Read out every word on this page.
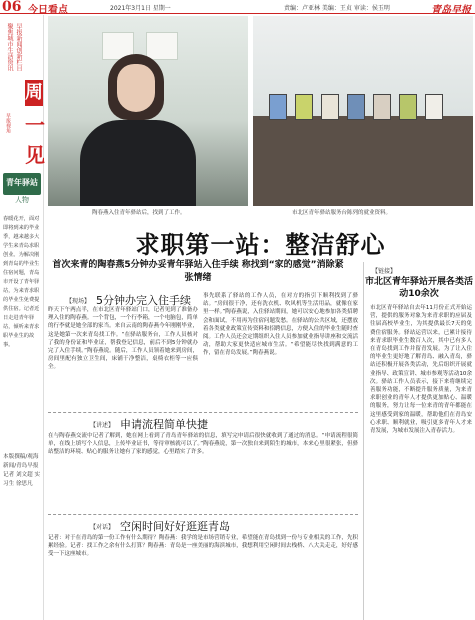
06 今日看点	2021年3月1日 星期一	责编：卢亚林 美编：王贞 审读：侯玉明	青岛早报
聚焦城市生活资讯 早报新闻创新栏目
周
一见
早报视角
青年驿站
人物
春暖花开，面对即将到来的毕业季，越来越多大学生来青岛求职创业。为解决刚到青岛的毕业生住宿问题，青岛市开设了青年驿站，为来青求职的毕业生免费提供住宿。记者近日走进青年驿站，倾听来青求职毕业生的故事。
本版撰稿/观海新闻/青岛早报记者 刘文超 实习生 徐思凡
陶春燕入住青年驿站后，找到了工作。	市北区青年驿站服务台陈列的就业资料。
求职第一站：整洁舒心
首次来青的陶春燕5分钟办妥青年驿站入住手续 称找到“家的感觉”消除紧张情绪
【现场】 5分钟办完入住手续
昨天下午两点半，在市北区青年驿站门口，记者见到了准备办理入住的陶春燕。一个背包，一个行李箱，一个电脑包，简单的行李就是她全部的家当。来自云南的陶春燕今年刚刚毕业，这是她第一次来青岛找工作。“在驿站服务台，工作人员核对了我的身份证和毕业证，帮我登记信息，前后不到5分钟就办完了入住手续。”陶春燕说。随后，工作人员领着她来到房间，房间里配有独立卫生间，床铺干净整洁，桌椅衣柜等一应俱全。
事先联系了驿站的工作人员，在对方的指引下顺利找到了驿站。“房间很干净，还有洗衣机、吹风机等生活用品，就像在家里一样。”陶春燕说，入住驿站期间，她可以安心地参加各类招聘会和面试，不用再为住宿问题发愁。在驿站的公共区域，还摆放着各类就业政策宣传资料和招聘信息，方便入住的毕业生随时查阅。工作人员还会定期组织入住人员参加就业指导讲座和交流活动，帮助大家更快适应城市生活。“希望能尽快找到满意的工作，留在青岛发展。”陶春燕说。
【讲述】 申请流程简单快捷
在与陶春燕交流中记者了解到，她在网上看到了青岛青年驿站的信息，填写完申请后很快就收到了通过的消息。“申请流程很简单，在线上填写个人信息，上传毕业证书，等待审核就可以了。”陶春燕说，第一次独自来到陌生的城市，本来心里很紧张，但驿站整洁的环境、贴心的服务让她有了家的感觉，心里踏实了许多。
【对话】 空闲时间好好逛逛青岛
记者：对于在青岛的第一份工作有什么期待？陶春燕：我学的是市场营销专业，希望能在青岛找到一份与专业相关的工作，先积累经验。记者：找工作之余有什么打算？陶春燕：青岛是一座美丽的海滨城市，我想利用空闲时间去栈桥、八大关走走，好好感受一下这座城市。
【链接】
市北区青年驿站开展各类活动10余次
市北区青年驿站自去年11月份正式开始运营，提供的服务对象为来青求职的应届及往届高校毕业生，为其提供最长7天的免费住宿服务。驿站运营以来，已累计接待来青求职毕业生数百人次，其中已有多人在青岛找到工作并留青发展。为了让入住的毕业生更好地了解青岛、融入青岛，驿站还积极开展各类活动，先后组织开展就业指导、政策宣讲、城市参观等活动10余次。驿站工作人员表示，接下来将继续完善服务功能，不断提升服务质量，为来青求职创业的青年人才提供更加贴心、温暖的服务，努力让每一位来青的青年都能在这里感受到家的温暖，帮助他们在青岛安心求职、顺利就业，吸引更多青年人才来青发展，为城市发展注入青春活力。
